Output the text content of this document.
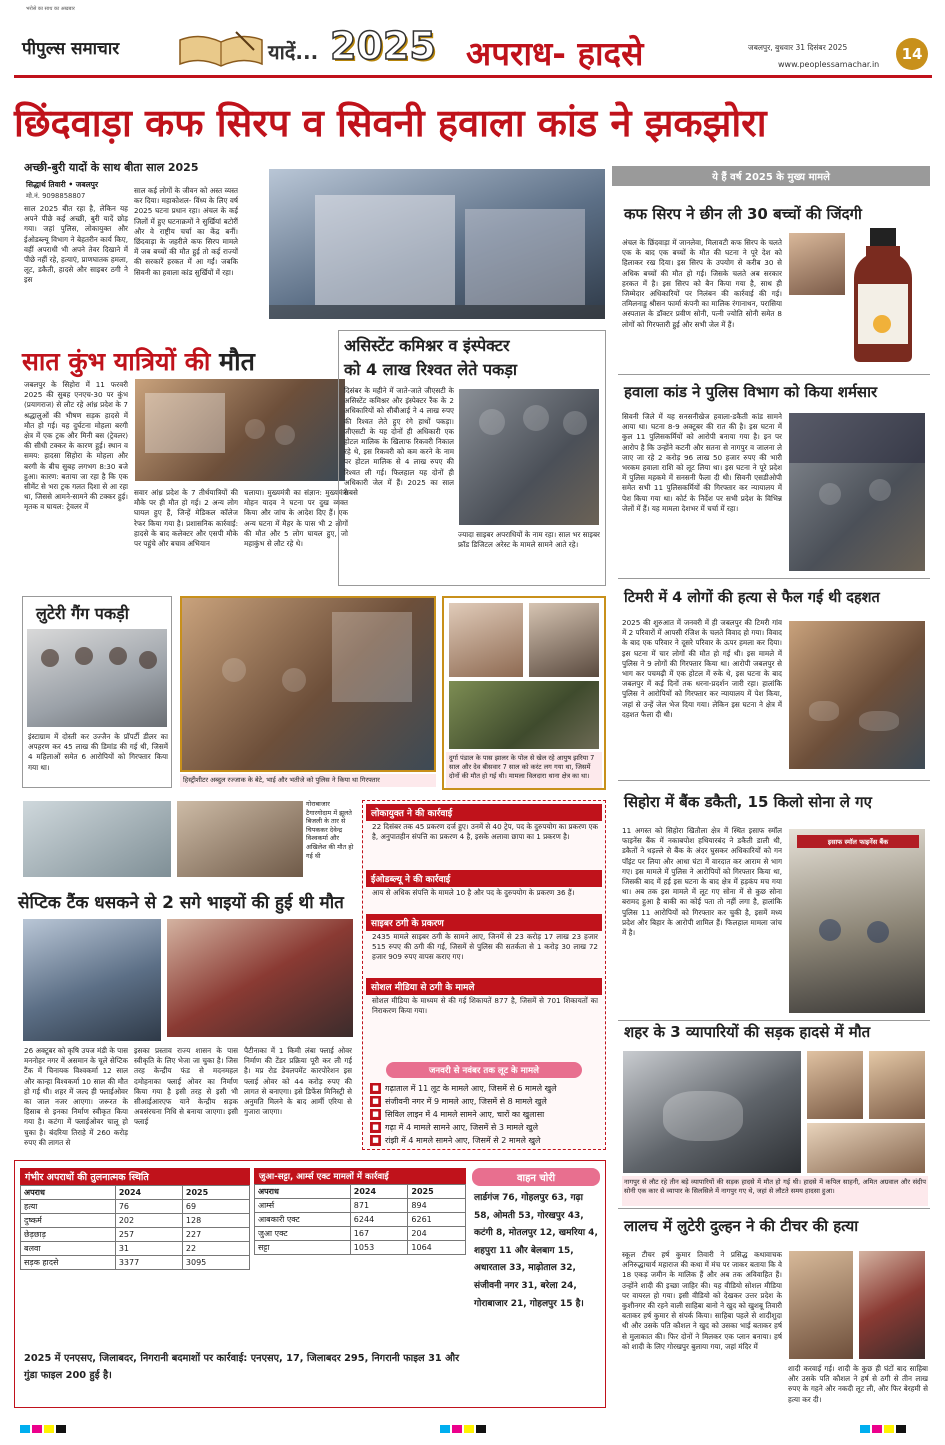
भरोसे का साथ का अखबार
पीपुल्स समाचार	यादें... 2025 अपराध- हादसे	जबलपुर, बुधवार 31 दिसंबर 2025
www.peoplessamachar.in
14
छिंदवाड़ा कफ सिरप व सिवनी हवाला कांड ने झकझोरा
अच्छी-बुरी यादों के साथ बीता साल 2025
सिद्धार्थ तिवारी • जबलपुर
मो.नं. 9098858807
साल 2025 बीत रहा है, लेकिन यह अपने पीछे कई अच्छी, बुरी यादें छोड़ गया। जहां पुलिस, लोकायुक्त और ईओडब्ल्यू विभाग ने बेहतरीन कार्य किए, वहीं अपराधी भी अपने तेवर दिखाने में पीछे नहीं रहे, हत्याएं, प्राणघातक हमला, लूट, डकैती, हादसे और साइबर ठगी ने इस
साल कई लोगों के जीवन को अस्त व्यस्त कर दिया। महाकोशल- विंध्य के लिए वर्ष 2025 घटना प्रधान रहा। अंचल के कई जिलों में हुए घटनाक्रमों ने सुर्खियां बटोरीं और वे राष्ट्रीय चर्चा का केंद्र बनीं। छिंदवाड़ा के जहरीले कफ सिरप मामले में जब बच्चों की मौत हुई तो कई राज्यों की सरकारें हरकत में आ गईं। जबकि सिवनी का हवाला कांड सुर्खियों में रहा।
सात कुंभ यात्रियों की मौत
जबलपुर के सिहोरा में 11 फरवरी 2025 की सुबह एनएच-30 पर कुंभ (प्रयागराज) से लौट रहे आंध्र प्रदेश के 7 श्रद्धालुओं की भीषण सड़क हादसे में मौत हो गई। यह दुर्घटना मोहला बरगी क्षेत्र में एक ट्रक और मिनी बस (ट्रेवलर) की सीधी टक्कर के कारण हुई। स्थान व समय: हादसा सिहोरा के मोहला और बरगी के बीच सुबह लगभग 8:30 बजे हुआ। कारण: बताया जा रहा है कि एक सीमेंट से भरा ट्रक गलत दिशा से आ रहा था, जिससे आमने-सामने की टक्कर हुई। मृतक व घायल: ट्रेवलर में
सवार आंध्र प्रदेश के 7 तीर्थयात्रियों की मौके पर ही मौत हो गई। 2 अन्य लोग घायल हुए हैं, जिन्हें मेडिकल कॉलेज रेफर किया गया है। प्रशासनिक कार्रवाई: हादसे के बाद कलेक्टर और एसपी मौके पर पहुंचे और बचाव अभियान
चलाया। मुख्यमंत्री का संज्ञान: मुख्यमंत्री मोहन यादव ने घटना पर दुख व्यक्त किया और जांच के आदेश दिए हैं। एक अन्य घटना में मैहर के पास भी 2 लोगों की मौत और 5 लोग घायल हुए, जो महाकुंभ से लौट रहे थे।
असिस्टेंट कमिश्नर व इंस्पेक्टर
को 4 लाख रिश्वत लेते पकड़ा
दिसंबर के महीने में जाते-जाते जीएसटी के असिस्टेंट कमिश्नर और इंस्पेक्टर रैंक के 2 अधिकारियों को सीबीआई ने 4 लाख रुपए की रिश्वत लेते हुए रंगे हाथों पकड़ा। जीएसटी के यह दोनों ही अधिकारी एक होटल मालिक के खिलाफ रिकवरी निकाल रहे थे, इस रिकवरी को कम करने के नाम पर होटल मालिक से 4 लाख रुपए की रिश्वत ली गई। फिलहाल यह दोनों ही अधिकारी जेल में हैं। 2025 का साल सबसे
ज्यादा साइबर अपराधियों के नाम रहा। साल भर साइबर फ्रॉड डिजिटल अरेस्ट के मामले सामने आते रहे।
लुटेरी गैंग पकड़ी
इंस्टाग्राम में दोस्ती कर उज्जैन के प्रॉपर्टी डीलर का अपहरण कर 45 लाख की डिमांड की गई थी, जिसमें 4 महिलाओं समेत 6 आरोपियों को गिरफ्तार किया गया था।
हिस्ट्रीशीटर अब्दुल रज्जाक के बेटे, भाई और भतीजे को पुलिस ने किया था गिरफ्तार
दुर्गा पंडाल के पास झालर के पोल से खेल रहे आयुष झरिया 7 साल और देव बीसवार 7 साल को करंट लग गया था, जिसमें दोनों की मौत हो गई थी। मामला विलदारा थाना क्षेत्र का था।
गोराबाजार टैगारगोदाम में झूलते बिजली के तार से चिपककर देवेन्द्र विश्वकर्मा और अखिलेश की मौत हो गई थी
सेप्टिक टैंक धसकने से 2 सगे भाइयों की हुई थी मौत
26 अक्टूबर को कृषि उपज मंडी के पास मननोहर नगर में असमान के चूले सेप्टिक टैंक में चिनायक विश्वकर्मा 12 साल और कान्हा विश्वकर्मा 10 साल की मौत हो गई थी। शहर में जल्द ही फ्लाईओवर का जाल नजर आएगा। जरूरत के हिसाब से इनका निर्माण स्वीकृत किया गया है। कटंगा में फ्लाईओवर चालू हो चुका है। बंदरिया तिराहे में 260 करोड़ रुपए की लागत से
इसका प्रस्ताव राज्य शासन के पास स्वीकृति के लिए भेजा जा चुका है। जिस तरह केन्द्रीय फंड से मदनमहल दमोहनाका फ्लाई ओवर का निर्माण किया गया है इसी तरह से इसी भी सीआईआरएफ याने केन्द्रीय सड़क अवसंरचना निधि से बनाया जाएगा। इसी फ्लाई
पैटीनाका में 1 किमी लंबा फ्लाई ओवर निर्माण की टेंडर प्रक्रिया पूरी कर ली गई है। मप्र रोड डेवलपमेंट कारपोरेशन इस फ्लाई ओवर को 44 करोड़ रुपए की लागत से बनाएगा। इसे डिफेंस मिनिस्ट्री से अनुमति मिलने के बाद आर्मी एरिया से गुजारा जाएगा।
लोकायुक्त ने की कार्रवाई
22 दिसंबर तक 45 प्रकरण दर्ज हुए। उनमें से 40 ट्रेप, पद के दुरुपयोग का प्रकरण एक है, अनुपातहीन संपत्ति का प्रकरण 4 है, इसके अलावा छापा का 1 प्रकरण है।
ईओडब्ल्यू ने की कार्रवाई
आय से अधिक संपत्ति के मामले 10 है और पद के दुरुपयोग के प्रकरण 36 हैं।
साइबर ठगी के प्रकरण
2435 मामले साइबर ठगी के सामने आए, जिनमें से 23 करोड़ 17 लाख 23 हजार 515 रुपए की ठगी की गई, जिसमें से पुलिस की सतर्कता से 1 करोड़ 30 लाख 72 हजार 909 रुपए वापस कराए गए।
सोशल मीडिया से ठगी के मामले
सोशल मीडिया के माध्यम से की गई शिकायतें 877 है, जिसमें से 701 शिकायतों का निराकरण किया गया।
जनवरी से नवंबर तक लूट के मामले
■ गढ़ाताल में 11 लूट के मामले आए, जिसमें से 6 मामले खुले
■ संजीवनी नगर में 9 मामले आए, जिसमें से 8 मामले खुले
■ सिविल लाइन में 4 मामले सामने आए, चारों का खुलासा
■ गढ़ा में 4 मामले सामने आए, जिसमें से 3 मामले खुले
■ रांझी में 4 मामले सामने आए, जिसमें से 2 मामले खुले
ये हैं वर्ष 2025 के मुख्य मामले
कफ सिरप ने छीन ली 30 बच्चों की जिंदगी
अंचल के छिंदवाड़ा में जानलेवा, मिलावटी कफ सिरप के चलते एक के बाद एक बच्चों के मौत की घटना ने पूरे देश को हिलाकर रख दिया। इस सिरप के उपयोग से करीब 30 से अधिक बच्चों की मौत हो गई। जिसके चलते अब सरकार हरकत में है। इस सिरप को बैन किया गया है, साथ ही जिम्मेदार अधिकारियों पर निलंबन की कार्रवाई की गई। तमिलनाडु श्रीसन फार्मा कंपनी का मालिक रंगानाथन, परासिया अस्पताल के डॉक्टर प्रवीण सोनी, पत्नी ज्योति सोनी समेत 8 लोगों को गिरफ्तारी हुई और सभी जेल में हैं।
हवाला कांड ने पुलिस विभाग को किया शर्मसार
सिवनी जिले में यह सनसनीखेज हवाला-डकैती कांड सामने आया था। घटना 8-9 अक्टूबर की रात की है। इस घटना में कुल 11 पुलिसकर्मियों को आरोपी बनाया गया है। इन पर आरोप है कि उन्होंने कटनी और सतना से नागपुर व जालना ले जाए जा रहे 2 करोड़ 96 लाख 50 हजार रुपए की भारी भरकम हवाला राशि को लूट लिया था। इस घटना ने पूरे प्रदेश में पुलिस महकमे में सनसनी फैला दी थी। सिवनी एसडीओपी समेत सभी 11 पुलिसकर्मियों की गिरफ्तार कर न्यायालय में पेश किया गया था। कोर्ट के निर्देश पर सभी प्रदेश के विभिन्न जेलों में हैं। यह मामला देशभर में चर्चा में रहा।
टिमरी में 4 लोगों की हत्या से फैल गई थी दहशत
2025 की शुरुआत में जनवरी में ही जबलपुर की टिमरी गांव में 2 परिवारों में आपसी रंजिश के चलते विवाद हो गया। विवाद के बाद एक परिवार ने दूसरे परिवार के ऊपर हमला कर दिया। इस घटना में चार लोगों की मौत हो गई थी। इस मामले में पुलिस ने 9 लोगों की गिरफ्तार किया था। आरोपी जबलपुर से भाग कर पचमढ़ी में एक होटल में रुके थे, इस घटना के बाद जबलपुर में कई दिनों तक धरना-प्रदर्शन जारी रहा। हालांकि पुलिस ने आरोपियों को गिरफ्तार कर न्यायालय में पेश किया, जहां से उन्हें जेल भेज दिया गया। लेकिन इस घटना ने क्षेत्र में दहशत फैला दी थी।
सिहोरा में बैंक डकैती, 15 किलो सोना ले गए
11 अगस्त को सिहोरा खितौला क्षेत्र में स्थित इसाफ स्मॉल फाइनेंस बैंक में नकाबपोश हथियारबंद ने डकैती डाली थी, डकैतों ने धड़ल्ले से बैंक के अंदर घुसकर अधिकारियों को गन पॉइंट पर लिया और आधा घंटा में वारदात कर आराम से भाग गए। इस मामले में पुलिस ने आरोपियों को गिरफ्तार किया था, जिसकी बाद में हई इस घटना के बाद क्षेत्र में हड़कंप मच गया था। अब तक इस मामले में लूट गए सोना में से कुछ सोना बरामद हुआ है बाकी का कोई पता तो नहीं लगा है, हालांकि पुलिस 11 आरोपियों को गिरफ्तार कर चुकी है, इसमें मध्य प्रदेश और बिहार के आरोपी शामिल हैं। फिलहाल मामला जांच में है।
इसाफ स्मॉल फाइनेंस बैंक
शहर के 3 व्यापारियों की सड़क हादसे में मौत
नागपुर से लौट रहे तीन बड़े व्यापारियों की सड़क हादसे में मौत हो गई थी। हादसे में कपिल साहनी, अमित अग्रवाल और संदीप सोनी एक कार से व्यापार के सिलसिले में नागपुर गए थे, जहां से लौटते समय हादसा हुआ।
लालच में लुटेरी दुल्हन ने की टीचर की हत्या
स्कूल टीचर हर्ष कुमार तिवारी ने प्रसिद्ध कथावाचक अनिरुद्धाचार्य महाराज की कथा में मंच पर जाकर बताया कि वे 18 एकड़ जमीन के मालिक हैं और अब तक अविवाहित हैं। उन्होंने शादी की इच्छा जाहिर की। यह वीडियो सोशल मीडिया पर वायरल हो गया। इसी वीडियो को देखकर उत्तर प्रदेश के कुशीनगर की रहने वाली साहिबा बानो ने खुद को खुशबू तिवारी बताकर हर्ष कुमार से संपर्क किया। साहिबा पहले से शादीशुदा थी और उसके पति कौशल ने खुद को उसका भाई बताकर हर्ष से मुलाकात की। फिर दोनों ने मिलकर एक प्लान बनाया। हर्ष को शादी के लिए गोरखपुर बुलाया गया, जहां मंदिर में
शादी करवाई गई। शादी के कुछ ही घंटों बाद साहिबा और उसके पति कौशल ने हर्ष से ठगी से तीन लाख रुपए के गहने और नकदी लूट ली, और फिर बेरहमी से हत्या कर दी।
गंभीर अपराधों की तुलनात्मक स्थिति
अपराध	2024	2025
हत्या	76	69
दुष्कर्म	202	128
छेड़छाड़	257	227
बलवा	31	22
सड़क हादसे	3377	3095
जुआ-सट्टा, आर्म्स एक्ट मामलों में कार्रवाई
अपराध	2024	2025
आर्म्स	871	894
आबकारी एक्ट	6244	6261
जुआ एक्ट	167	204
सट्टा	1053	1064
वाहन चोरी
लार्डगंज 76, गोहलपुर 63, गढ़ा 58, ओमती 53, गोरखपुर 43, कटंगी 8, मोतलपुर 12, खमरिया 4, शहपुरा 11 और बेलबाग 15, अधारताल 33, माढ़ोताल 32, संजीवनी नगर 31, बरेला 24, गोराबाजार 21, गोहलपुर 15 है।
2025 में एनएसए, जिलाबदर, निगरानी बदमाशों पर कार्रवाई: एनएसए, 17, जिलाबदर 295, निगरानी फाइल 31 और गुंडा फाइल 200 हुई है।
